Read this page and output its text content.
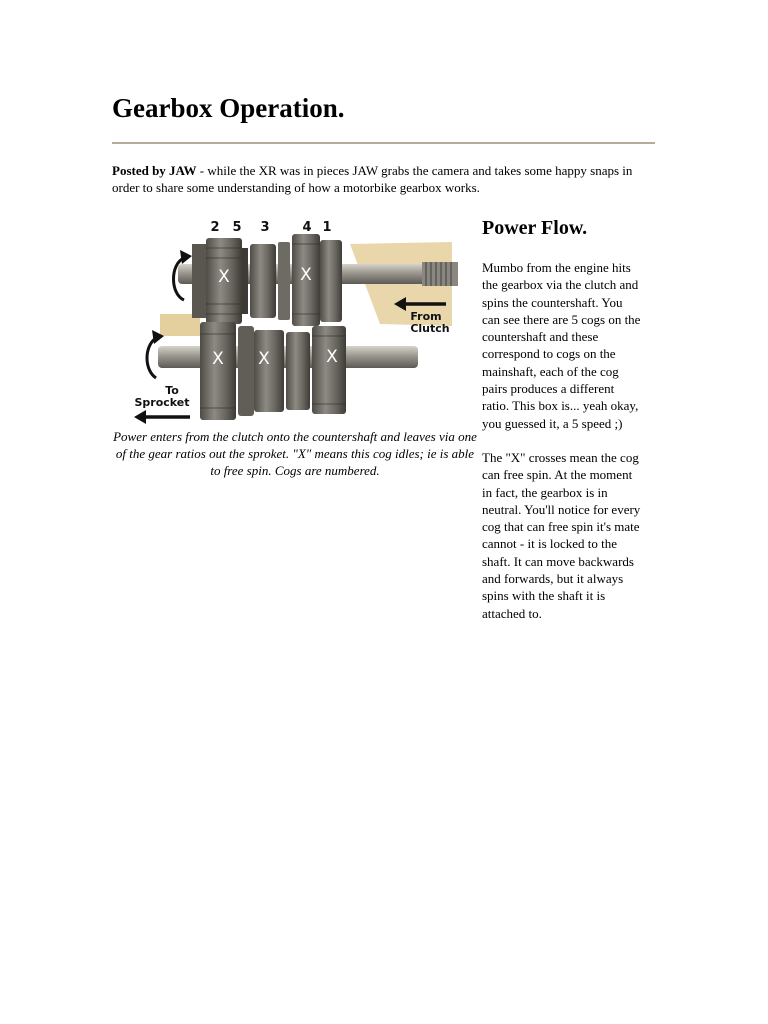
Gearbox Operation.

Posted by JAW - while the XR was in pieces JAW grabs the camera and takes some happy snaps in order to share some understanding of how a motorbike gearbox works.

X	X
X X	X
2 5 3	4 1
From
Clutch
To
Sprocket

Power enters from the clutch onto the countershaft and leaves via one of the gear ratios out the sproket. "X" means this cog idles; ie is able to free spin. Cogs are numbered.

Power Flow.

Mumbo from the engine hits the gearbox via the clutch and spins the countershaft. You can see there are 5 cogs on the countershaft and these correspond to cogs on the mainshaft, each of the cog pairs produces a different ratio. This box is... yeah okay, you guessed it, a 5 speed ;)

The "X" crosses mean the cog can free spin. At the moment in fact, the gearbox is in neutral. You'll notice for every cog that can free spin it's mate cannot - it is locked to the shaft. It can move backwards and forwards, but it always spins with the shaft it is attached to.
